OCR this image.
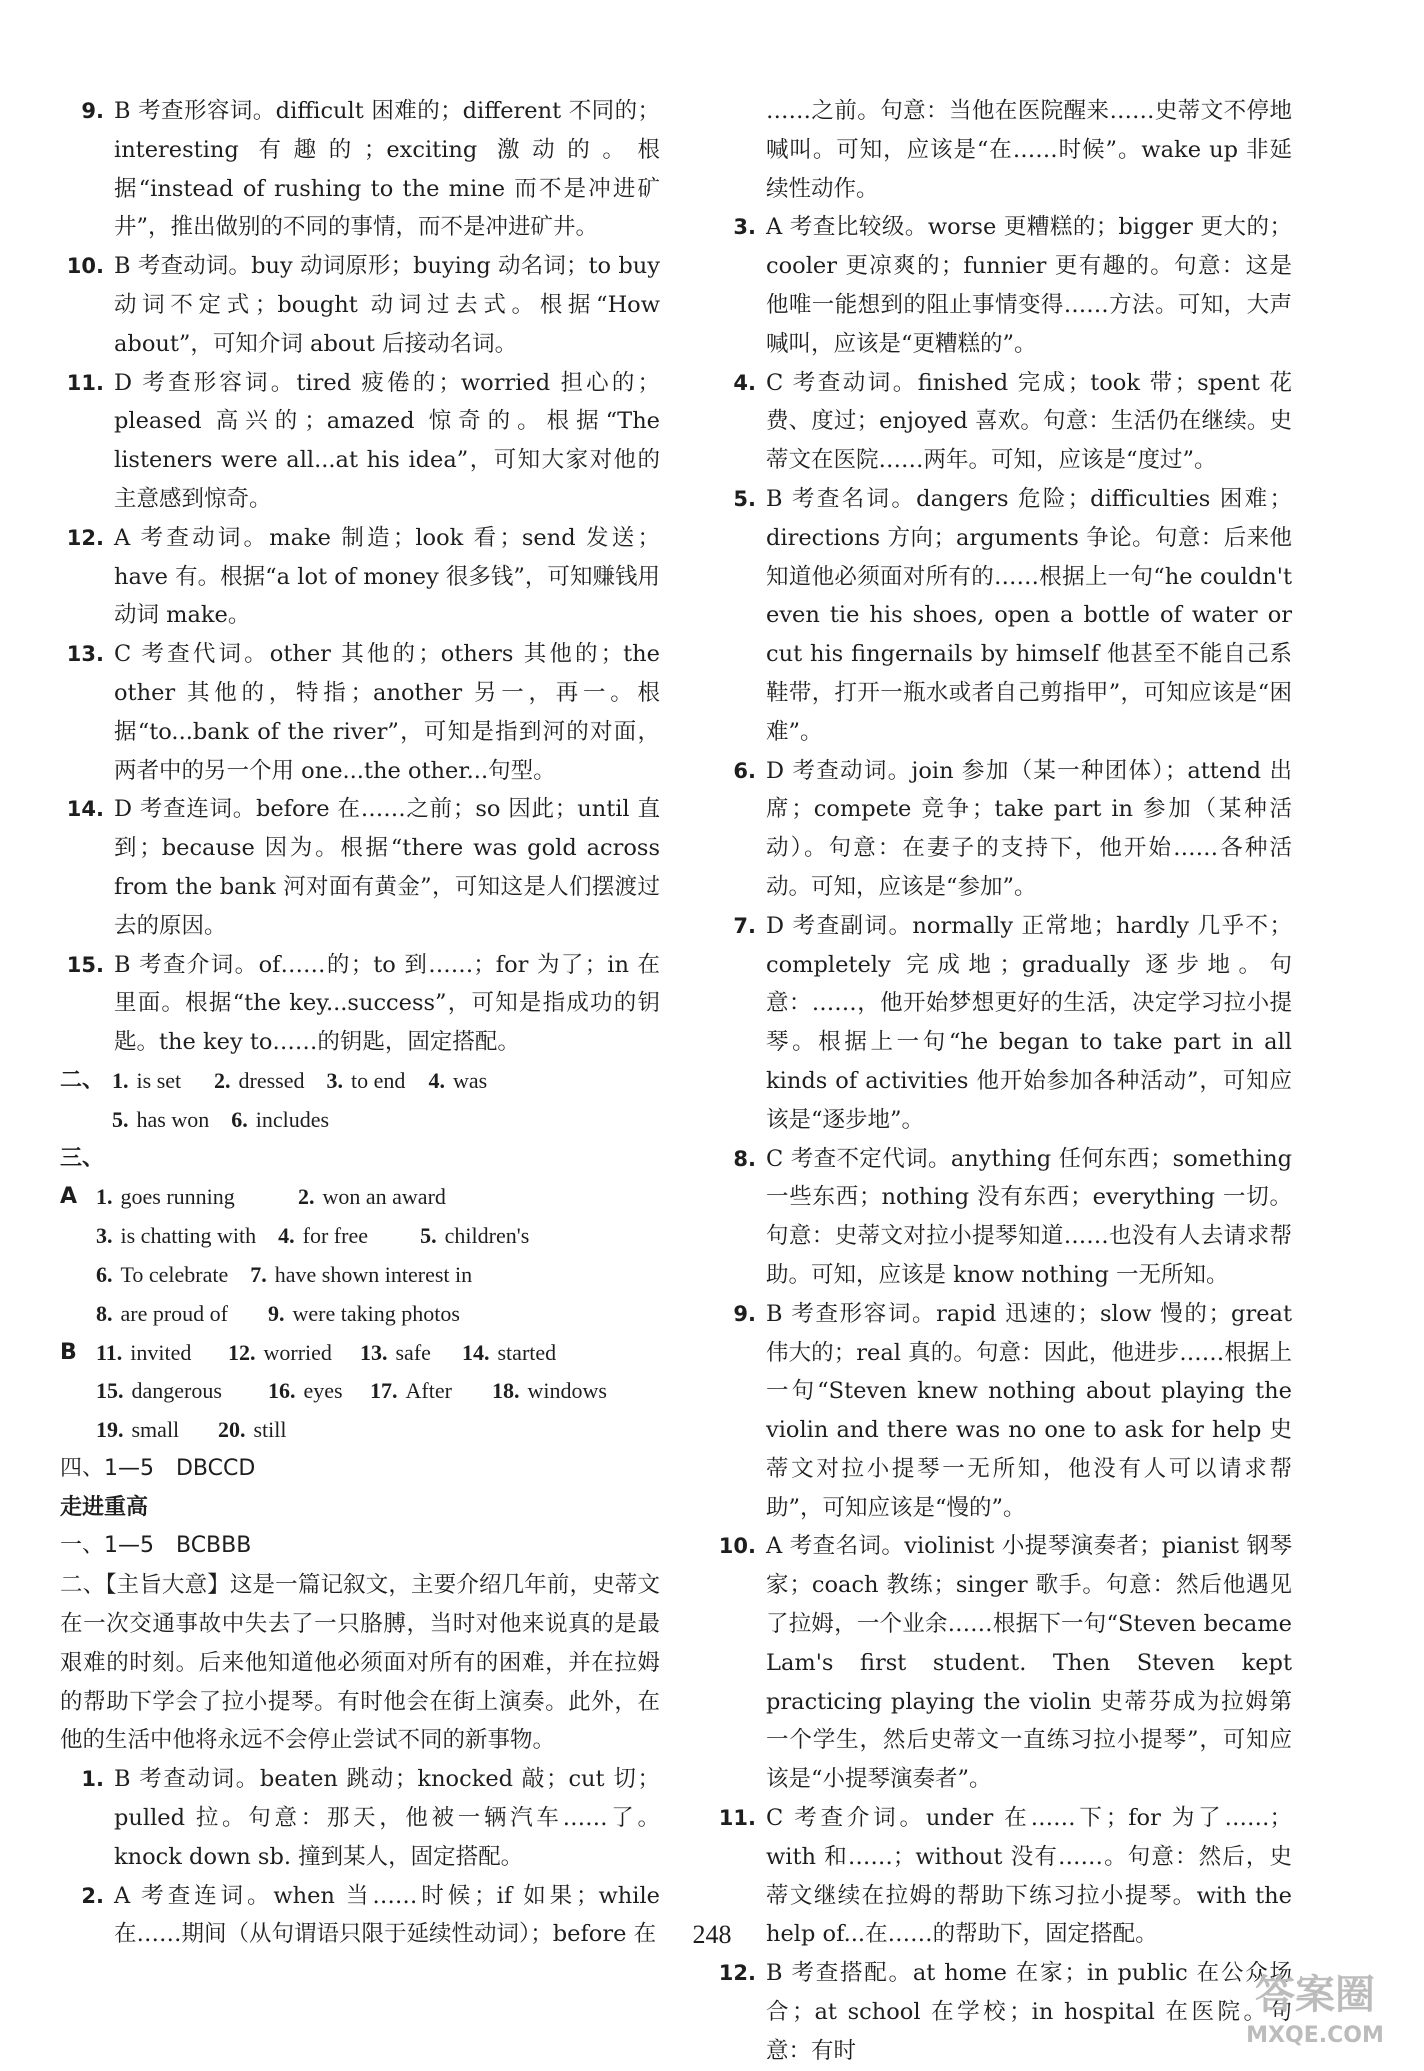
9. B 考查形容词。difficult 困难的；different 不同的；interesting 有趣的；exciting 激动的。根据“instead of rushing to the mine 而不是冲进矿井”，推出做别的不同的事情，而不是冲进矿井。
10. B 考查动词。buy 动词原形；buying 动名词；to buy 动词不定式；bought 动词过去式。根据“How about”，可知介词 about 后接动名词。
11. D 考查形容词。tired 疲倦的；worried 担心的；pleased 高兴的；amazed 惊奇的。根据“The listeners were all...at his idea”，可知大家对他的主意感到惊奇。
12. A 考查动词。make 制造；look 看；send 发送；have 有。根据“a lot of money 很多钱”，可知赚钱用动词 make。
13. C 考查代词。other 其他的；others 其他的；the other 其他的，特指；another 另一，再一。根据“to...bank of the river”，可知是指到河的对面，两者中的另一个用 one...the other...句型。
14. D 考查连词。before 在……之前；so 因此；until 直到；because 因为。根据“there was gold across from the bank 河对面有黄金”，可知这是人们摆渡过去的原因。
15. B 考查介词。of……的；to 到……；for 为了；in 在里面。根据“the key...success”，可知是指成功的钥匙。the key to……的钥匙，固定搭配。
二、 1. is set	2. dressed 3. to end 4. was
5. has won 6. includes
三、
A 1. goes running	2. won an award
3. is chatting with 4. for free	5. children's
6. To celebrate 7. have shown interest in
8. are proud of	9. were taking photos
B 11. invited	12. worried 13. safe	14. started
15. dangerous	16. eyes 17. After	18. windows
19. small	20. still
四、1—5　DBCCD
走进重高
一、1—5　BCBBB

二、【主旨大意】这是一篇记叙文，主要介绍几年前，史蒂文在一次交通事故中失去了一只胳膊，当时对他来说真的是最艰难的时刻。后来他知道他必须面对所有的困难，并在拉姆的帮助下学会了拉小提琴。有时他会在街上演奏。此外，在他的生活中他将永远不会停止尝试不同的新事物。

1. B 考查动词。beaten 跳动；knocked 敲；cut 切；pulled 拉。句意：那天，他被一辆汽车……了。knock down sb. 撞到某人，固定搭配。
2. A 考查连词。when 当……时候；if 如果；while 在……期间（从句谓语只限于延续性动词）；before 在
……之前。句意：当他在医院醒来……史蒂文不停地喊叫。可知，应该是“在……时候”。wake up 非延续性动作。
3. A 考查比较级。worse 更糟糕的；bigger 更大的；cooler 更凉爽的；funnier 更有趣的。句意：这是他唯一能想到的阻止事情变得……方法。可知，大声喊叫，应该是“更糟糕的”。
4. C 考查动词。finished 完成；took 带；spent 花费、度过；enjoyed 喜欢。句意：生活仍在继续。史蒂文在医院……两年。可知，应该是“度过”。
5. B 考查名词。dangers 危险；difficulties 困难；directions 方向；arguments 争论。句意：后来他知道他必须面对所有的……根据上一句“he couldn't even tie his shoes, open a bottle of water or cut his fingernails by himself 他甚至不能自己系鞋带，打开一瓶水或者自己剪指甲”，可知应该是“困难”。
6. D 考查动词。join 参加（某一种团体）；attend 出席；compete 竞争；take part in 参加（某种活动）。句意：在妻子的支持下，他开始……各种活动。可知，应该是“参加”。
7. D 考查副词。normally 正常地；hardly 几乎不；completely 完成地；gradually 逐步地。句意：……，他开始梦想更好的生活，决定学习拉小提琴。根据上一句“he began to take part in all kinds of activities 他开始参加各种活动”，可知应该是“逐步地”。
8. C 考查不定代词。anything 任何东西；something 一些东西；nothing 没有东西；everything 一切。句意：史蒂文对拉小提琴知道……也没有人去请求帮助。可知，应该是 know nothing 一无所知。
9. B 考查形容词。rapid 迅速的；slow 慢的；great 伟大的；real 真的。句意：因此，他进步……根据上一句“Steven knew nothing about playing the violin and there was no one to ask for help 史蒂文对拉小提琴一无所知，他没有人可以请求帮助”，可知应该是“慢的”。
10. A 考查名词。violinist 小提琴演奏者；pianist 钢琴家；coach 教练；singer 歌手。句意：然后他遇见了拉姆，一个业余……根据下一句“Steven became Lam's first student. Then Steven kept practicing playing the violin 史蒂芬成为拉姆第一个学生，然后史蒂文一直练习拉小提琴”，可知应该是“小提琴演奏者”。
11. C 考查介词。under 在……下；for 为了……；with 和……；without 没有……。句意：然后，史蒂文继续在拉姆的帮助下练习拉小提琴。with the help of...在……的帮助下，固定搭配。
12. B 考查搭配。at home 在家；in public 在公众场合；at school 在学校；in hospital 在医院。句意：有时
248
答案圈
MXQE.COM
